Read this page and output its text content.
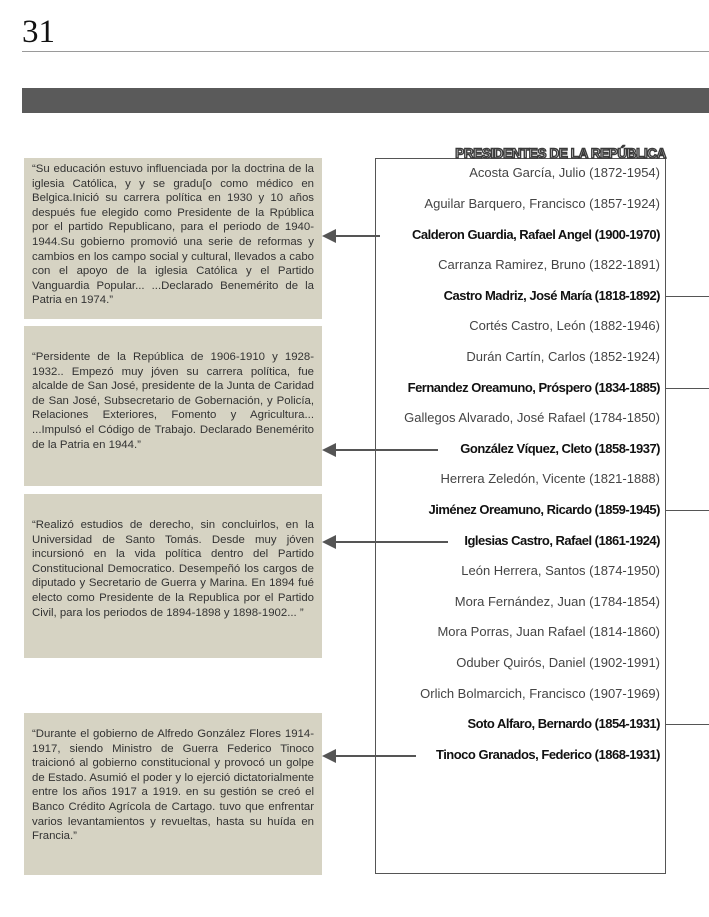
31
“Su educación estuvo influenciada por la doctrina de la iglesia Católica, y y se gradu[o como médico en Belgica.Inició su carrera política en 1930 y 10 años después fue elegido como Presidente de la Rpública por el partido Republicano, para el periodo de 1940-1944.Su gobierno promovió una serie de reformas y cambios en los campo social y cultural, llevados a cabo con el apoyo de la iglesia Católica y el Partido Vanguardia Popular... ...Declarado Benemérito de la Patria en 1974.”
“Persidente de la República de 1906-1910 y 1928-1932.. Empezó muy jóven su carrera política, fue alcalde de San José, presidente de la Junta de Caridad de San José, Subsecretario de Gobernación, y Policía, Relaciones Exteriores, Fomento y Agricultura... ...Impulsó el Código de Trabajo. Declarado Benemérito de la Patria en 1944.”
“Realizó estudios de derecho, sin concluirlos, en la Universidad de Santo Tomás. Desde muy jóven incursionó en la vida política dentro del Partido Constitucional Democratico. Desempeñó los cargos de diputado y Secretario de Guerra y Marina. En 1894 fué electo como Presidente de la Republica por el Partido Civil, para los periodos de 1894-1898 y 1898-1902... ”
“Durante el gobierno de Alfredo González Flores 1914-1917, siendo Ministro de Guerra Federico Tinoco traicionó al gobierno constitucional y provocó un golpe de Estado. Asumió el poder y lo ejerció dictatorialmente entre los años 1917 a 1919. en su gestión se creó el Banco Crédito Agrícola de Cartago. tuvo que enfrentar varios levantamientos y revueltas, hasta su huída en Francia.”
PRESIDENTES DE LA REPÚBLICA
Acosta García, Julio (1872-1954)
Aguilar Barquero, Francisco (1857-1924)
Calderon Guardia, Rafael Angel (1900-1970)
Carranza Ramirez, Bruno (1822-1891)
Castro Madriz, José María (1818-1892)
Cortés Castro, León (1882-1946)
Durán Cartín, Carlos (1852-1924)
Fernandez Oreamuno, Próspero (1834-1885)
Gallegos Alvarado, José Rafael (1784-1850)
González Víquez, Cleto (1858-1937)
Herrera Zeledón, Vicente (1821-1888)
Jiménez Oreamuno, Ricardo (1859-1945)
Iglesias Castro, Rafael (1861-1924)
León Herrera, Santos (1874-1950)
Mora Fernández, Juan (1784-1854)
Mora Porras, Juan Rafael (1814-1860)
Oduber Quirós, Daniel (1902-1991)
Orlich Bolmarcich, Francisco (1907-1969)
Soto Alfaro, Bernardo (1854-1931)
Tinoco Granados, Federico (1868-1931)
